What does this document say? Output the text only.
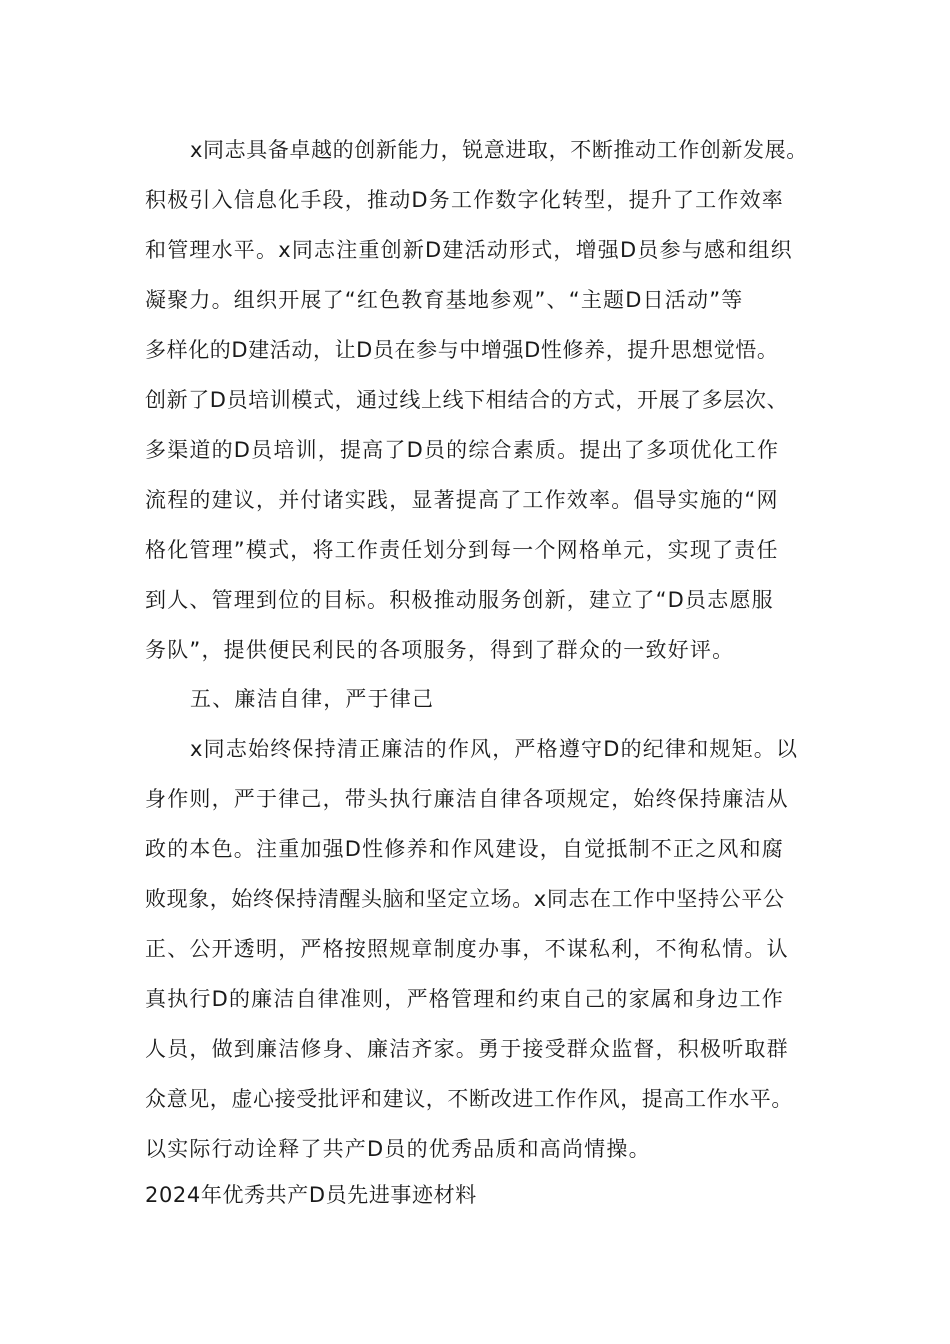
x同志具备卓越的创新能力，锐意进取，不断推动工作创新发展。
积极引入信息化手段，推动D务工作数字化转型，提升了工作效率
和管理水平。x同志注重创新D建活动形式，增强D员参与感和组织
凝聚力。组织开展了“红色教育基地参观”、“主题D日活动”等
多样化的D建活动，让D员在参与中增强D性修养，提升思想觉悟。
创新了D员培训模式，通过线上线下相结合的方式，开展了多层次、
多渠道的D员培训，提高了D员的综合素质。提出了多项优化工作
流程的建议，并付诸实践，显著提高了工作效率。倡导实施的“网
格化管理”模式，将工作责任划分到每一个网格单元，实现了责任
到人、管理到位的目标。积极推动服务创新，建立了“D员志愿服
务队”，提供便民利民的各项服务，得到了群众的一致好评。
五、廉洁自律，严于律己
x同志始终保持清正廉洁的作风，严格遵守D的纪律和规矩。以
身作则，严于律己，带头执行廉洁自律各项规定，始终保持廉洁从
政的本色。注重加强D性修养和作风建设，自觉抵制不正之风和腐
败现象，始终保持清醒头脑和坚定立场。x同志在工作中坚持公平公
正、公开透明，严格按照规章制度办事，不谋私利，不徇私情。认
真执行D的廉洁自律准则，严格管理和约束自己的家属和身边工作
人员，做到廉洁修身、廉洁齐家。勇于接受群众监督，积极听取群
众意见，虚心接受批评和建议，不断改进工作作风，提高工作水平。
以实际行动诠释了共产D员的优秀品质和高尚情操。
2024年优秀共产D员先进事迹材料
